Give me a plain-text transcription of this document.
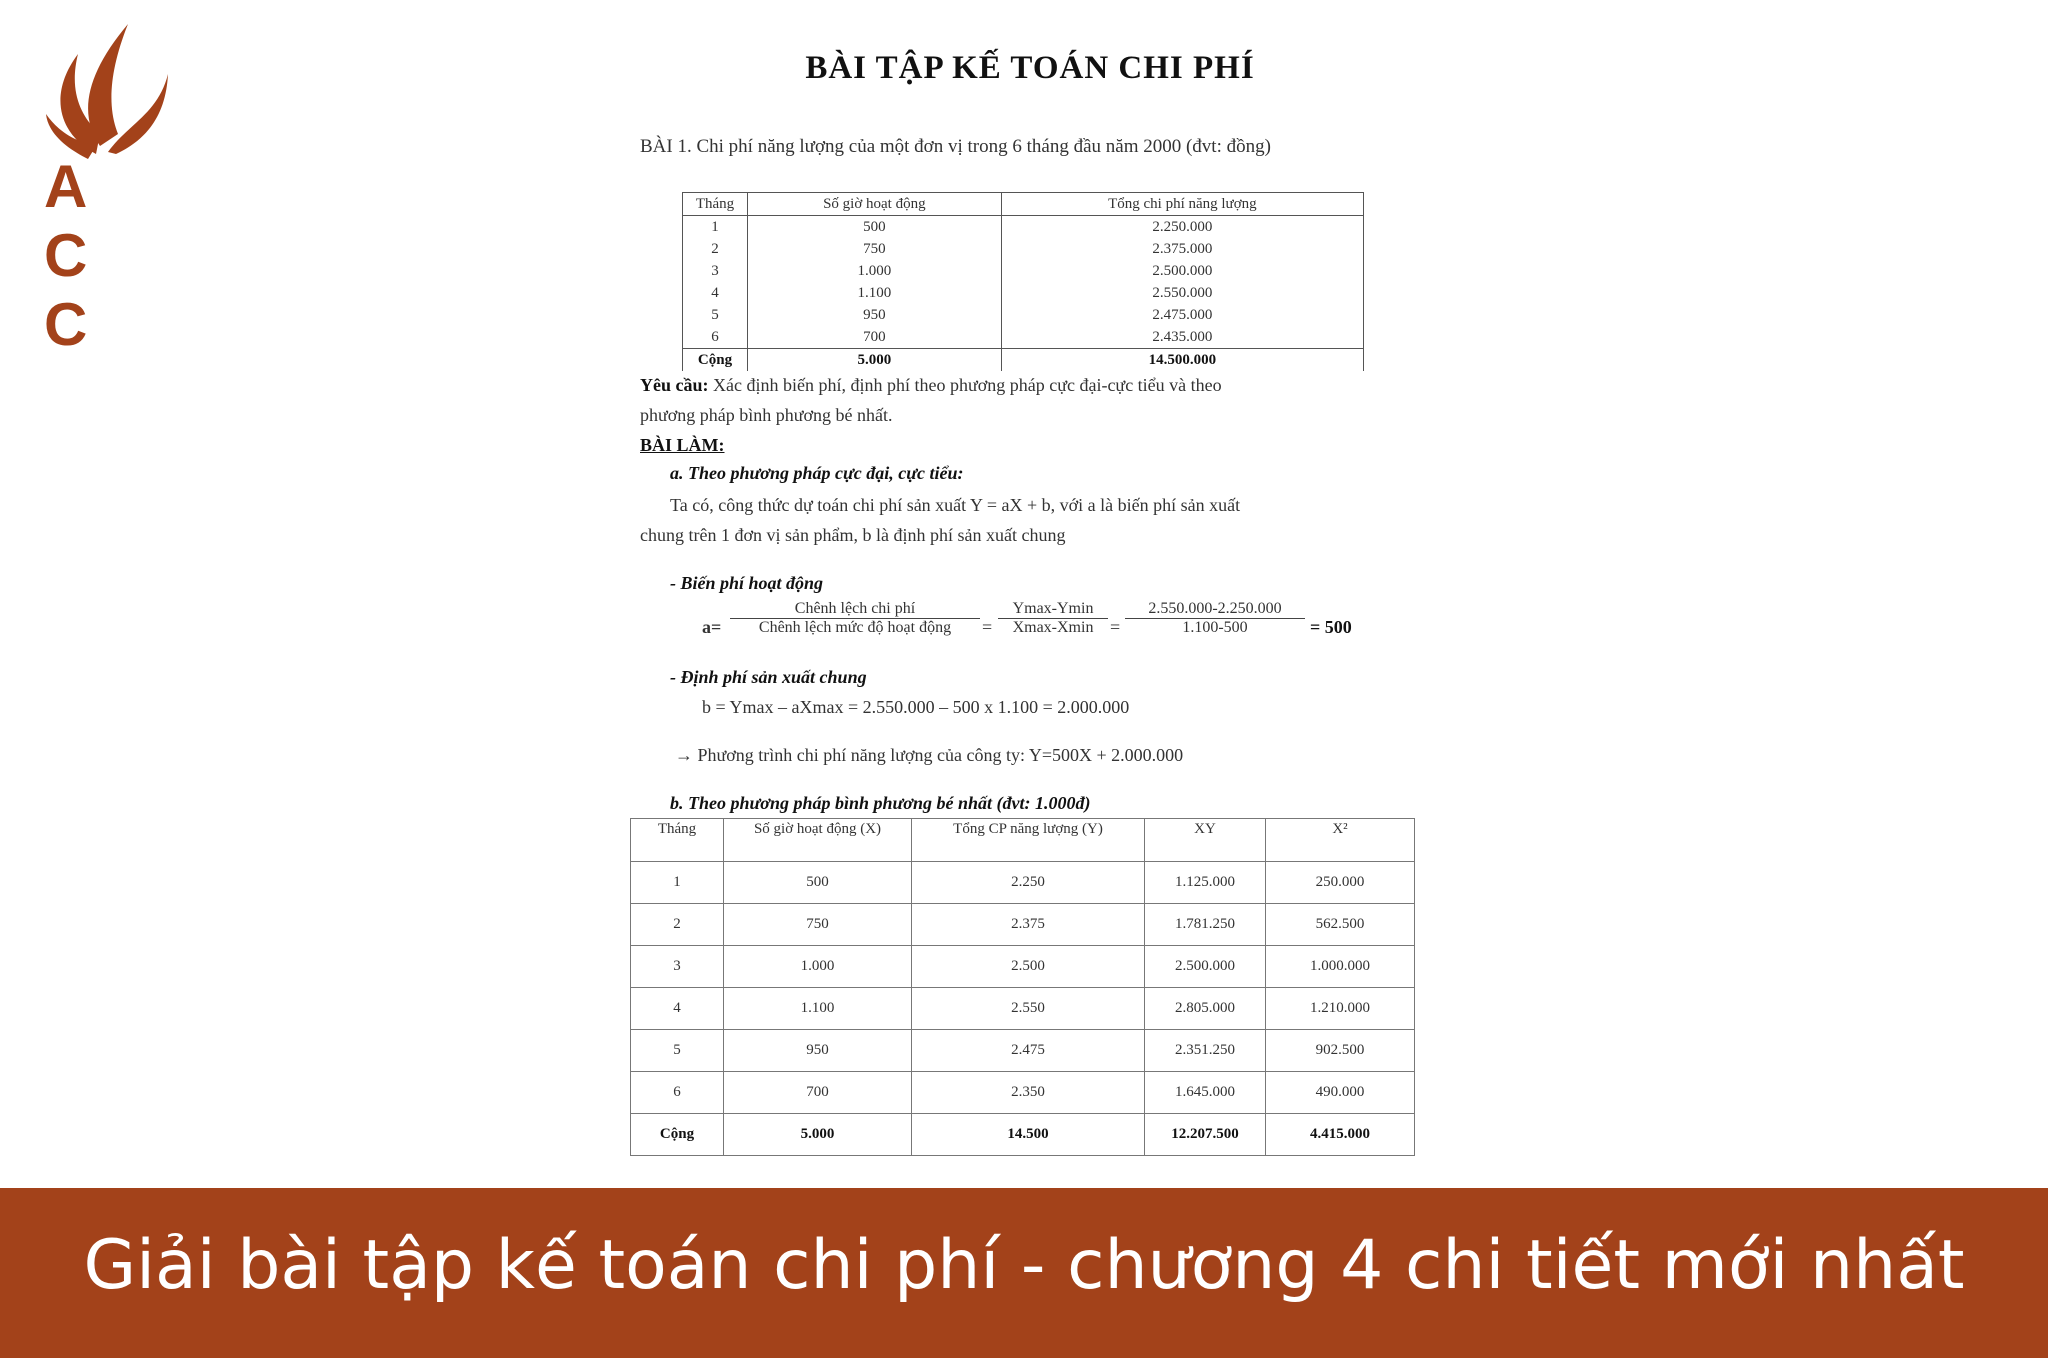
A C C
BÀI TẬP KẾ TOÁN CHI PHÍ
BÀI 1. Chi phí năng lượng của một đơn vị trong 6 tháng đầu năm 2000 (đvt: đồng)
Tháng	Số giờ hoạt động	Tổng chi phí năng lượng
1	500	2.250.000
2	750	2.375.000
3	1.000	2.500.000
4	1.100	2.550.000
5	950	2.475.000
6	700	2.435.000
Cộng	5.000	14.500.000
Yêu cầu: Xác định biến phí, định phí theo phương pháp cực đại-cực tiểu và theo
phương pháp bình phương bé nhất.
BÀI LÀM:
a. Theo phương pháp cực đại, cực tiểu:
Ta có, công thức dự toán chi phí sản xuất Y = aX + b, với a là biến phí sản xuất
chung trên 1 đơn vị sản phẩm, b là định phí sản xuất chung
- Biến phí hoạt động
a=
Chênh lệch chi phí
Chênh lệch mức độ hoạt động	=
Ymax-Ymin
$Xmax-Xmin = \frac{2.550.000-2.250.000}{1.100-500} = 500$
- Định phí sản xuất chung
b = Ymax – aXmax = 2.550.000 – 500 x 1.100 = 2.000.000
→ Phương trình chi phí năng lượng của công ty: Y=500X + 2.000.000
b. Theo phương pháp bình phương bé nhất (đvt: 1.000đ)
Tháng	Số giờ hoạt động (X)	Tổng CP năng lượng (Y)	XY	X²
1	500	2.250	1.125.000	250.000
2	750	2.375	1.781.250	562.500
3	1.000	2.500	2.500.000	1.000.000
4	1.100	2.550	2.805.000	1.210.000
5	950	2.475	2.351.250	902.500
6	700	2.350	1.645.000	490.000
Cộng	5.000	14.500	12.207.500	4.415.000
Giải bài tập kế toán chi phí - chương 4 chi tiết mới nhất
